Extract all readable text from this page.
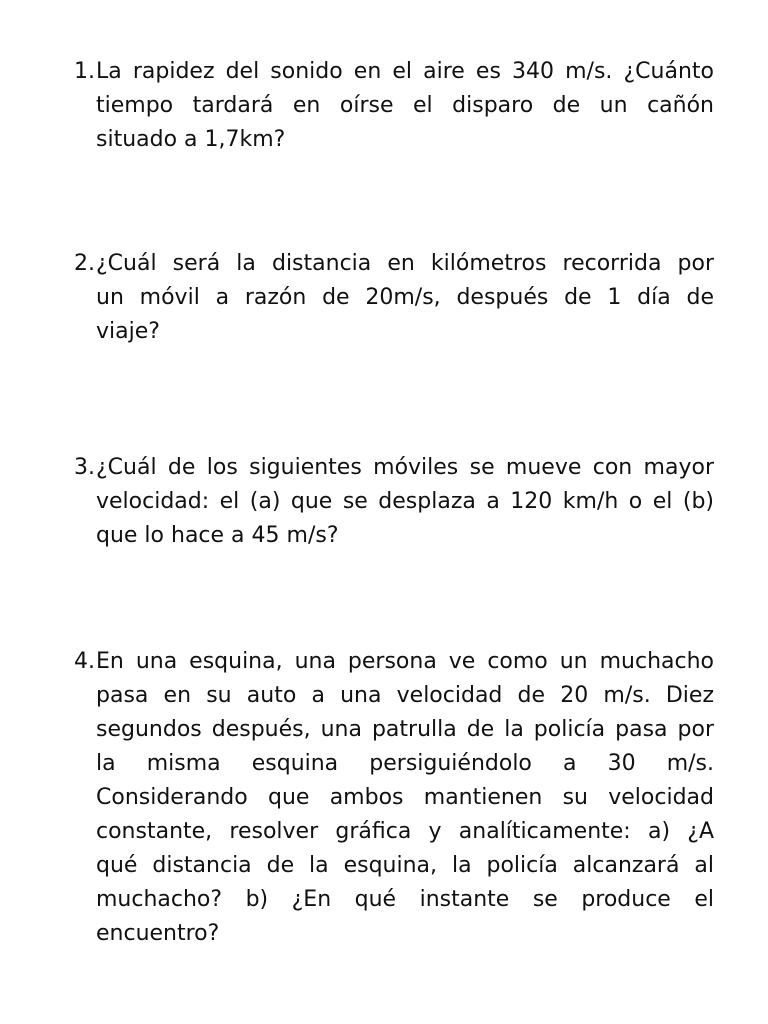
1. La rapidez del sonido en el aire es 340 m/s. ¿Cuánto
tiempo tardará en oírse el disparo de un cañón
situado a 1,7km?
2. ¿Cuál será la distancia en kilómetros recorrida por
un móvil a razón de 20m/s, después de 1 día de
viaje?
3. ¿Cuál de los siguientes móviles se mueve con mayor
velocidad: el (a) que se desplaza a 120 km/h o el (b)
que lo hace a 45 m/s?
4. En una esquina, una persona ve como un muchacho
pasa en su auto a una velocidad de 20 m/s. Diez
segundos después, una patrulla de la policía pasa por
la misma esquina persiguiéndolo a 30 m/s.
Considerando que ambos mantienen su velocidad
constante, resolver gráfica y analíticamente: a) ¿A
qué distancia de la esquina, la policía alcanzará al
muchacho? b) ¿En qué instante se produce el
encuentro?
